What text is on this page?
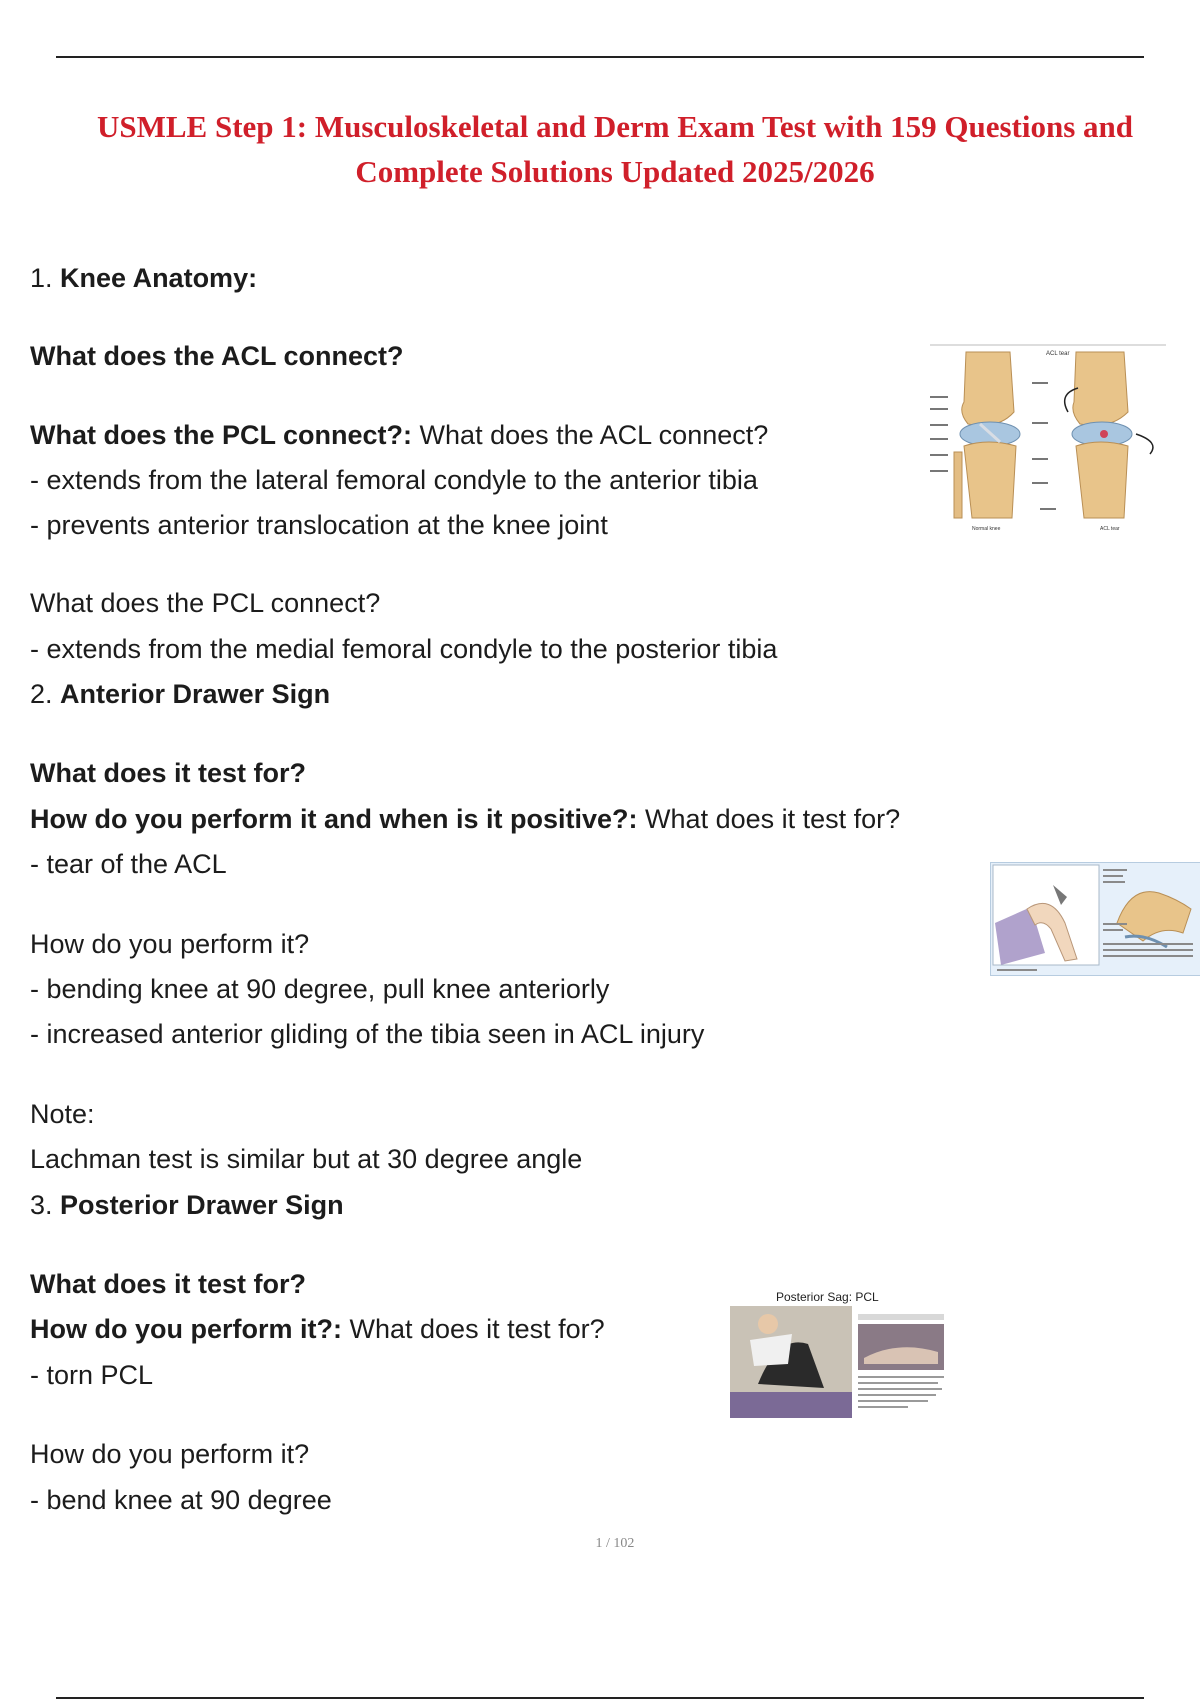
USMLE Step 1: Musculoskeletal and Derm Exam Test with 159 Questions and
Complete Solutions Updated 2025/2026
1. Knee Anatomy:
What does the ACL connect?
What does the PCL connect?: What does the ACL connect?
- extends from the lateral femoral condyle to the anterior tibia
- prevents anterior translocation at the knee joint
What does the PCL connect?
- extends from the medial femoral condyle to the posterior tibia
2. Anterior Drawer Sign
What does it test for?
How do you perform it and when is it positive?: What does it test for?
- tear of the ACL
How do you perform it?
- bending knee at 90 degree, pull knee anteriorly
- increased anterior gliding of the tibia seen in ACL injury
Note:
Lachman test is similar but at 30 degree angle
3. Posterior Drawer Sign
What does it test for?
How do you perform it?: What does it test for?
- torn PCL
How do you perform it?
- bend knee at 90 degree
ACL tear
Normal knee	ACL tear
Posterior Sag: PCL
1 / 102
